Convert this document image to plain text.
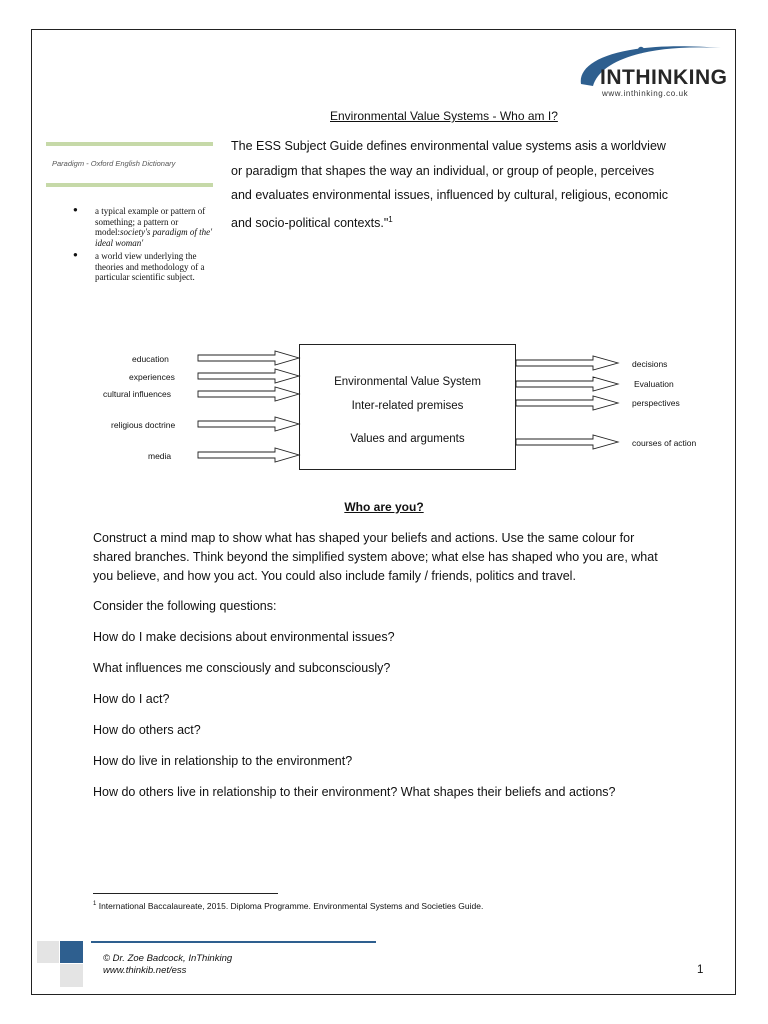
INTHINKING
www.inthinking.co.uk
Environmental Value Systems - Who am I?
The ESS Subject Guide defines environmental value systems asis a worldview or paradigm that shapes the way an individual, or group of people, perceives and evaluates environmental issues, influenced by cultural, religious, economic and socio-political contexts."$^1$
Paradigm - Oxford English Dictionary
● a typical example or pattern of something; a pattern or model:society's paradigm of the' ideal woman'
● a world view underlying the theories and methodology of a particular scientific subject.
education
experiences
cultural influences
religious doctrine
media
Environmental Value System
Inter-related premises
Values and arguments
decisions
Evaluation
perspectives
courses of action
Who are you?
Construct a mind map to show what has shaped your beliefs and actions. Use the same colour for shared branches. Think beyond the simplified system above; what else has shaped who you are, what you believe, and how you act. You could also include family / friends, politics and travel.
Consider the following questions:
How do I make decisions about environmental issues?
What influences me consciously and subconsciously?
How do I act?
How do others act?
How do live in relationship to the environment?
How do others live in relationship to their environment? What shapes their beliefs and actions?
$^1$ International Baccalaureate, 2015. Diploma Programme. Environmental Systems and Societies Guide.
© Dr. Zoe Badcock, InThinking
www.thinkib.net/ess	1
